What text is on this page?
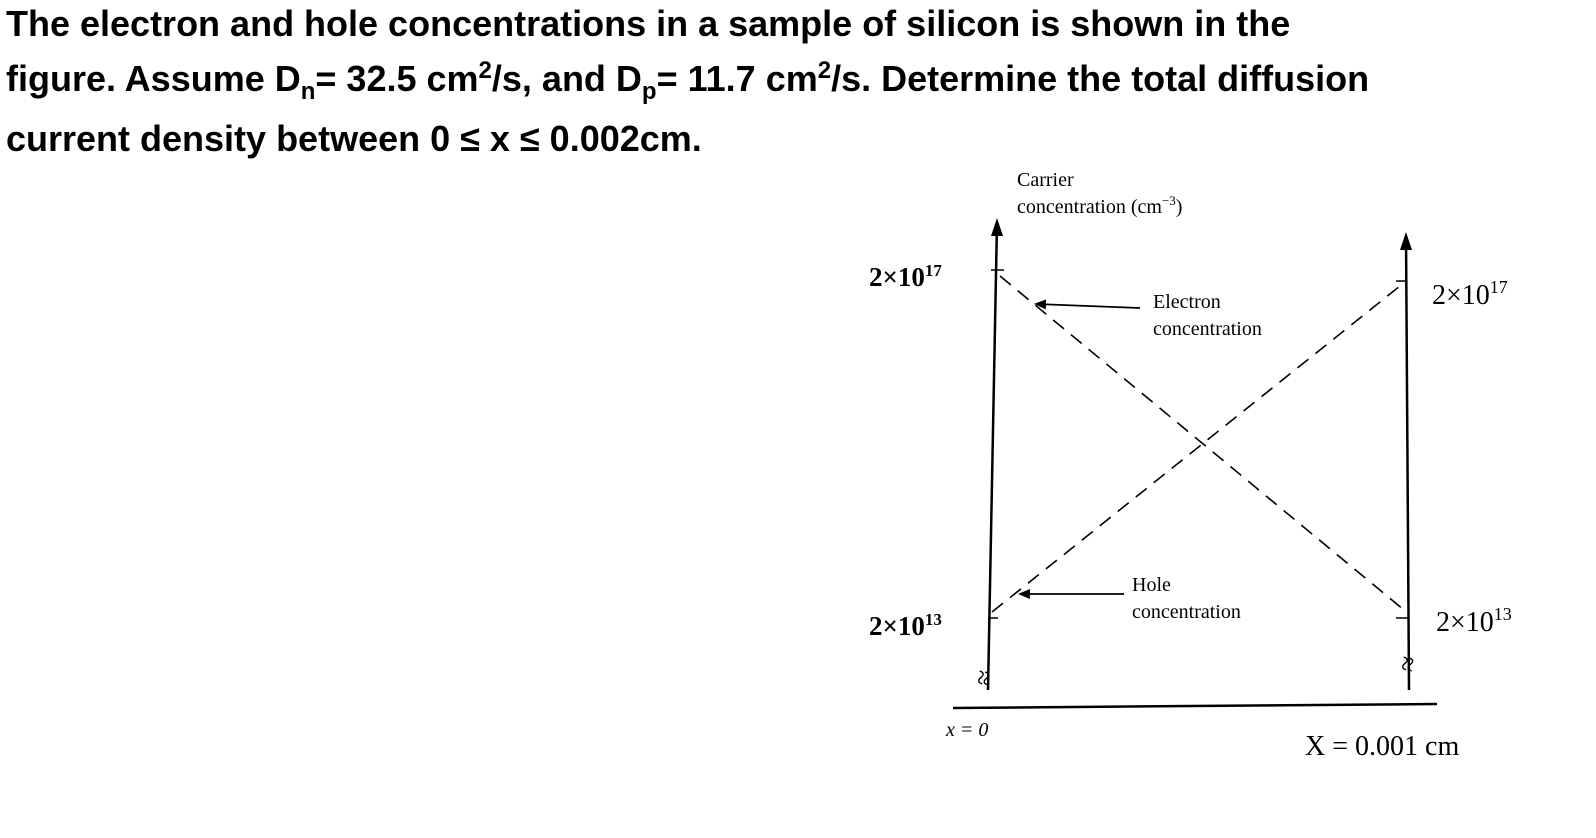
The electron and hole concentrations in a sample of silicon is shown in the
figure. Assume $D_n= 32.5$ $cm^2/s$, and $D_p= 11.7$ $cm^2/s$. Determine the total diffusion
current density between 0 ≤ x ≤ 0.002cm.
Carrier
concentration $(cm^{-3})$
≈
≈
Electron
concentration
Hole
concentration
$2\times 10^{17}$
$2\times 10^{13}$
$2\times 10^{17}$
$2\times 10^{13}$
x = 0
X = 0.001 cm
